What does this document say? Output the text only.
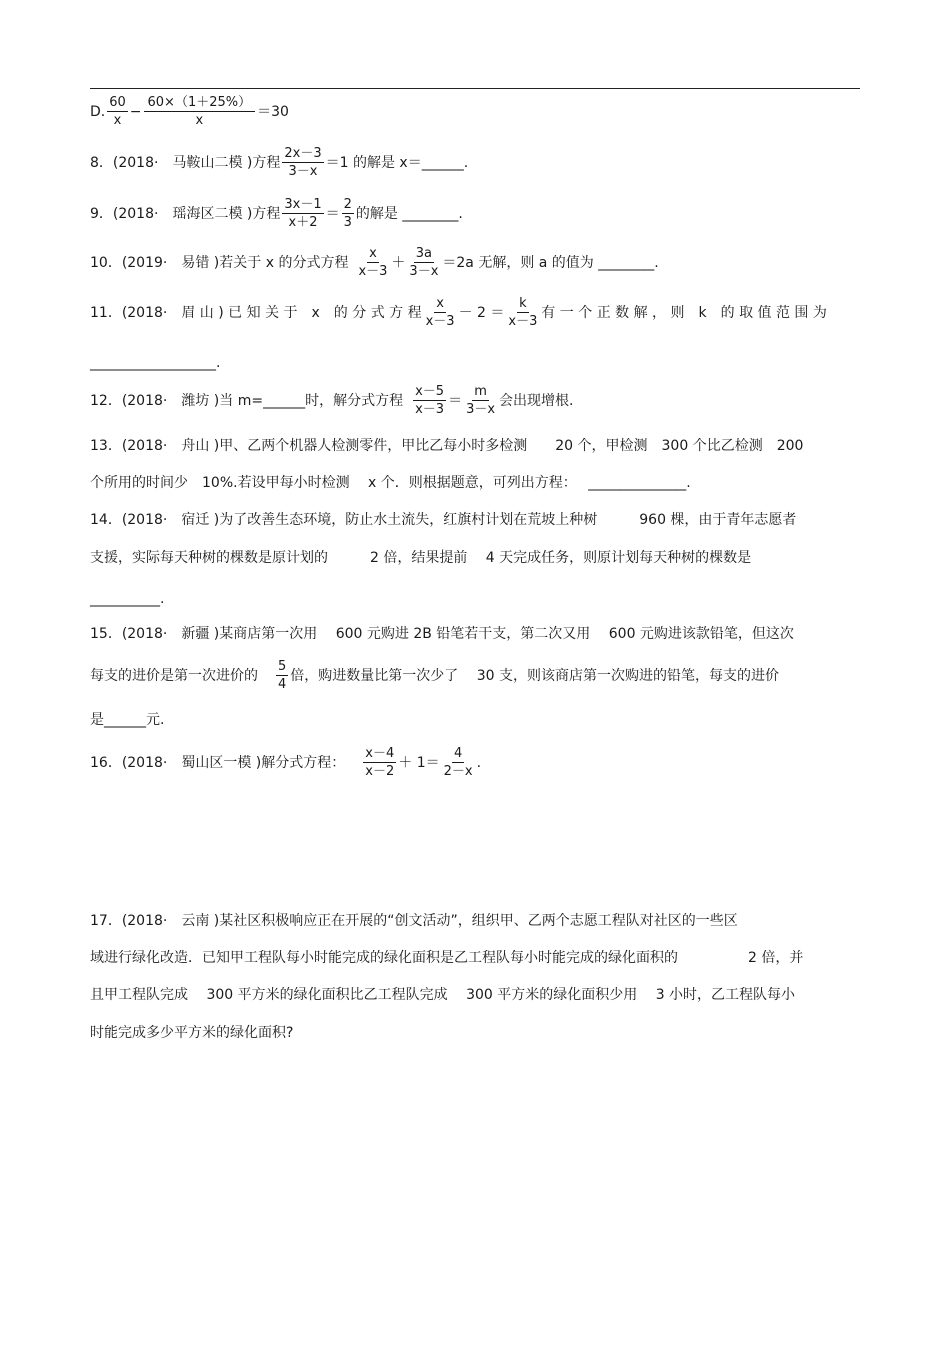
D. $\frac{60}{x} - \frac{60\times(1+25\%)}{x} =30$
8．(2018·　马鞍山二模 )方程 $\frac{2x-3}{3-x} =1$ 的解是 x＝______.
9．(2018·　瑶海区二模 )方程 $\frac{3x-1}{x+2} = \frac{2}{3}$ 的解是 ________.
10．(2019·　易错 )若关于 x 的分式方程 $\frac{x}{x-3} + \frac{3a}{3-x} =2a$ 无解，则 a 的值为 ________.
11．(2018·　眉 山 ) 已 知 关 于　x　的 分 式 方 程 $\frac{x}{x-3} - 2 = \frac{k}{x-3}$ 有 一 个 正 数 解 ， 则　k　的 取 值 范 围 为
__________________.
12．(2018·　潍坊 )当 m=______时，解分式方程 $\frac{x-5}{x-3} = \frac{m}{3-x}$ 会出现增根.
13．(2018·　舟山 )甲、乙两个机器人检测零件，甲比乙每小时多检测　　20 个，甲检测　300 个比乙检测　200
个所用的时间少　10%.若设甲每小时检测　 x 个．则根据题意，可列出方程：　 ______________.
14．(2018·　宿迁 )为了改善生态环境，防止水土流失，红旗村计划在荒坡上种树　　　960 棵，由于青年志愿者
支援，实际每天种树的棵数是原计划的　　　2 倍，结果提前　 4 天完成任务，则原计划每天种树的棵数是
__________.
15．(2018·　新疆 )某商店第一次用　 600 元购进 2B 铅笔若干支，第二次又用　 600 元购进该款铅笔，但这次
每支的进价是第一次进价的 $\frac{5}{4}$ 倍，购进数量比第一次少了　 30 支，则该商店第一次购进的铅笔，每支的进价
是______元.
16．(2018·　蜀山区一模 )解分式方程： $\frac{x-4}{x-2} + 1= \frac{4}{2-x}$ .
17．(2018·　云南 )某社区积极响应正在开展的“创文活动”，组织甲、乙两个志愿工程队对社区的一些区
域进行绿化改造．已知甲工程队每小时能完成的绿化面积是乙工程队每小时能完成的绿化面积的　　　　　2 倍，并
且甲工程队完成　 300 平方米的绿化面积比乙工程队完成　 300 平方米的绿化面积少用　 3 小时，乙工程队每小
时能完成多少平方米的绿化面积?
